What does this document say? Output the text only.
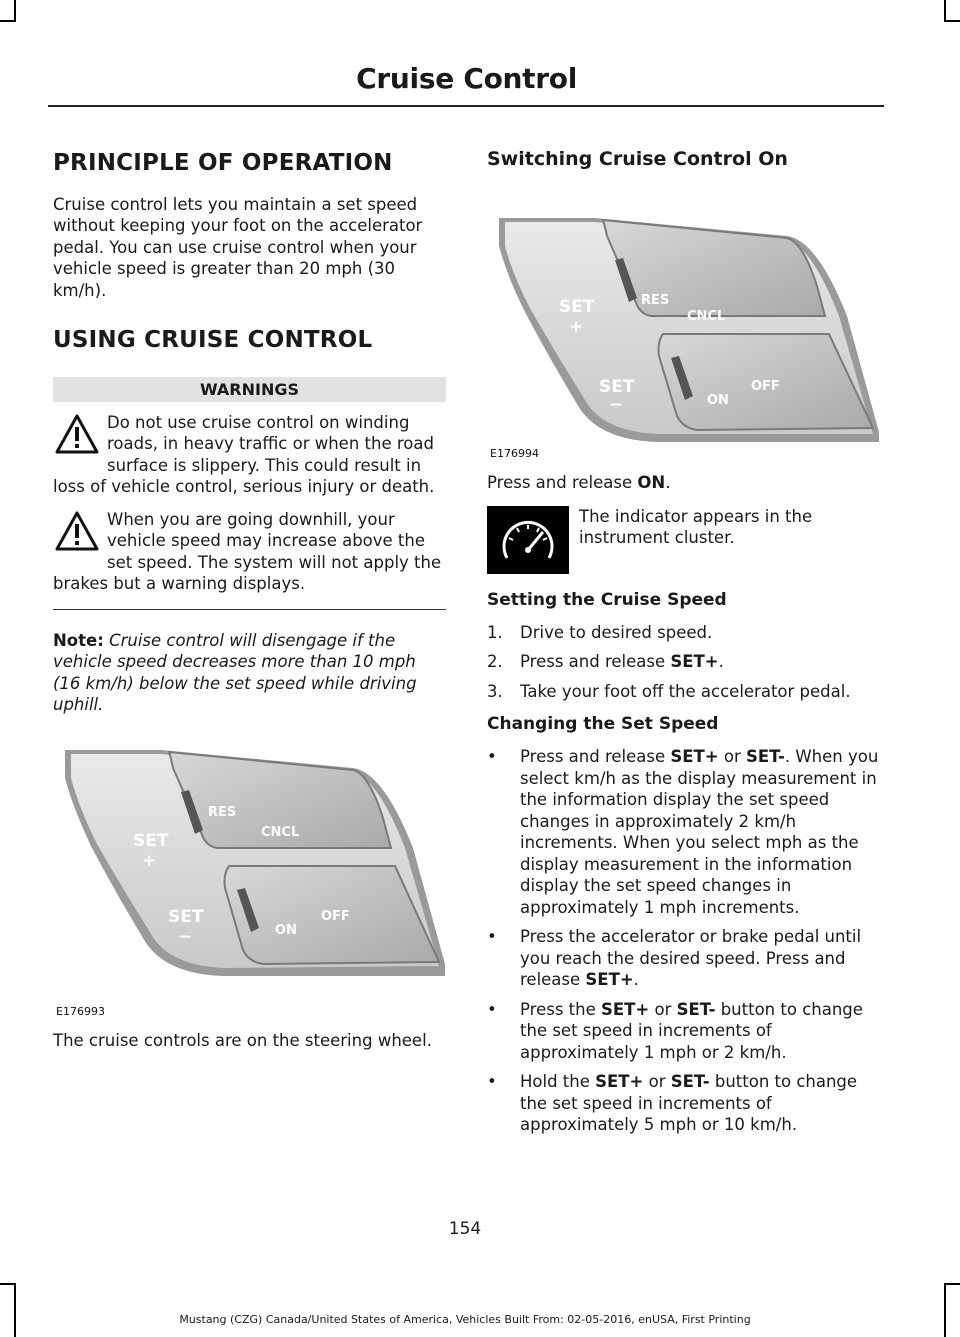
Cruise Control
PRINCIPLE OF OPERATION

Cruise control lets you maintain a set speed without keeping your foot on the accelerator pedal. You can use cruise control when your vehicle speed is greater than 20 mph (30 km/h).

USING CRUISE CONTROL
WARNINGS
Do not use cruise control on winding roads, in heavy traffic or when the road surface is slippery. This could result in loss of vehicle control, serious injury or death.
When you are going downhill, your vehicle speed may increase above the set speed. The system will not apply the brakes but a warning displays.

Note: Cruise control will disengage if the vehicle speed decreases more than 10 mph (16 km/h) below the set speed while driving uphill.

SET
+
RES
CNCL
SET
−	ON
OFF
E176993

The cruise controls are on the steering wheel.

Switching Cruise Control On
SET
+
RES
CNCL
SET
−	ON
OFF
E176994

Press and release ON.

The indicator appears in the instrument cluster.
Setting the Cruise Speed
1. Drive to desired speed.
2. Press and release SET+.
3. Take your foot off the accelerator pedal.
Changing the Set Speed
• Press and release SET+ or SET-. When you select km/h as the display measurement in the information display the set speed changes in approximately 2 km/h increments. When you select mph as the display measurement in the information display the set speed changes in approximately 1 mph increments.
• Press the accelerator or brake pedal until you reach the desired speed. Press and release SET+.
• Press the SET+ or SET- button to change the set speed in increments of approximately 1 mph or 2 km/h.
• Hold the SET+ or SET- button to change the set speed in increments of approximately 5 mph or 10 km/h.
154
Mustang (CZG) Canada/United States of America, Vehicles Built From: 02-05-2016, enUSA, First Printing
